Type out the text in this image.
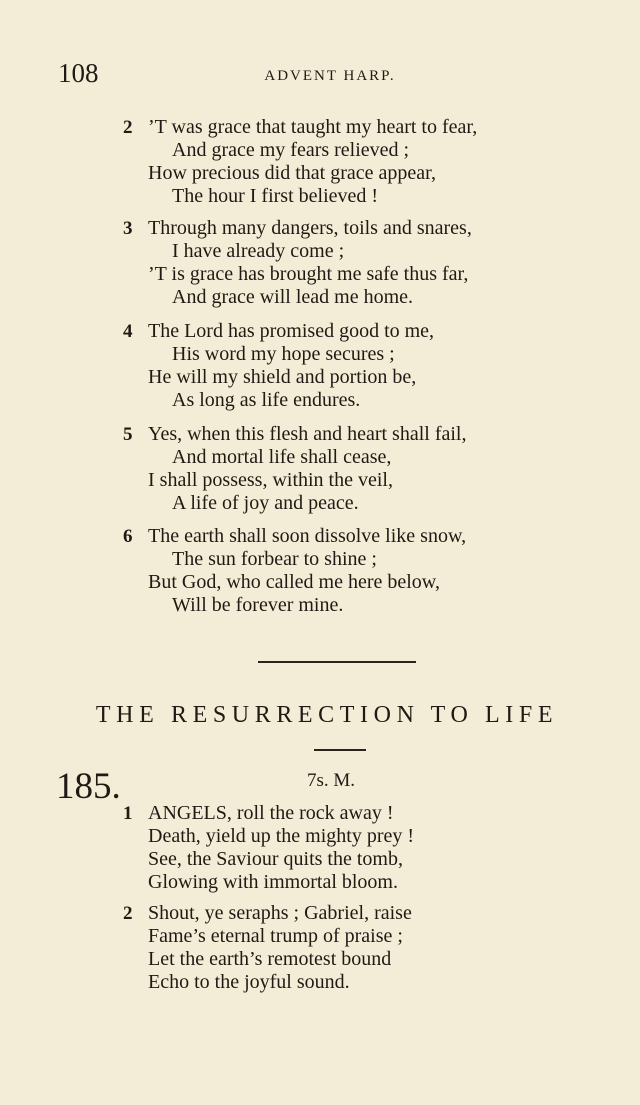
108	ADVENT HARP.
2 ’T was grace that taught my heart to fear,
And grace my fears relieved ;
How precious did that grace appear,
The hour I first believed !
3 Through many dangers, toils and snares,
I have already come ;
’T is grace has brought me safe thus far,
And grace will lead me home.
4 The Lord has promised good to me,
His word my hope secures ;
He will my shield and portion be,
As long as life endures.
5 Yes, when this flesh and heart shall fail,
And mortal life shall cease,
I shall possess, within the veil,
A life of joy and peace.
6 The earth shall soon dissolve like snow,
The sun forbear to shine ;
But God, who called me here below,
Will be forever mine.
THE RESURRECTION TO LIFE
185.	7s. M.
1 ANGELS, roll the rock away !
Death, yield up the mighty prey !
See, the Saviour quits the tomb,
Glowing with immortal bloom.
2 Shout, ye seraphs ; Gabriel, raise
Fame’s eternal trump of praise ;
Let the earth’s remotest bound
Echo to the joyful sound.
